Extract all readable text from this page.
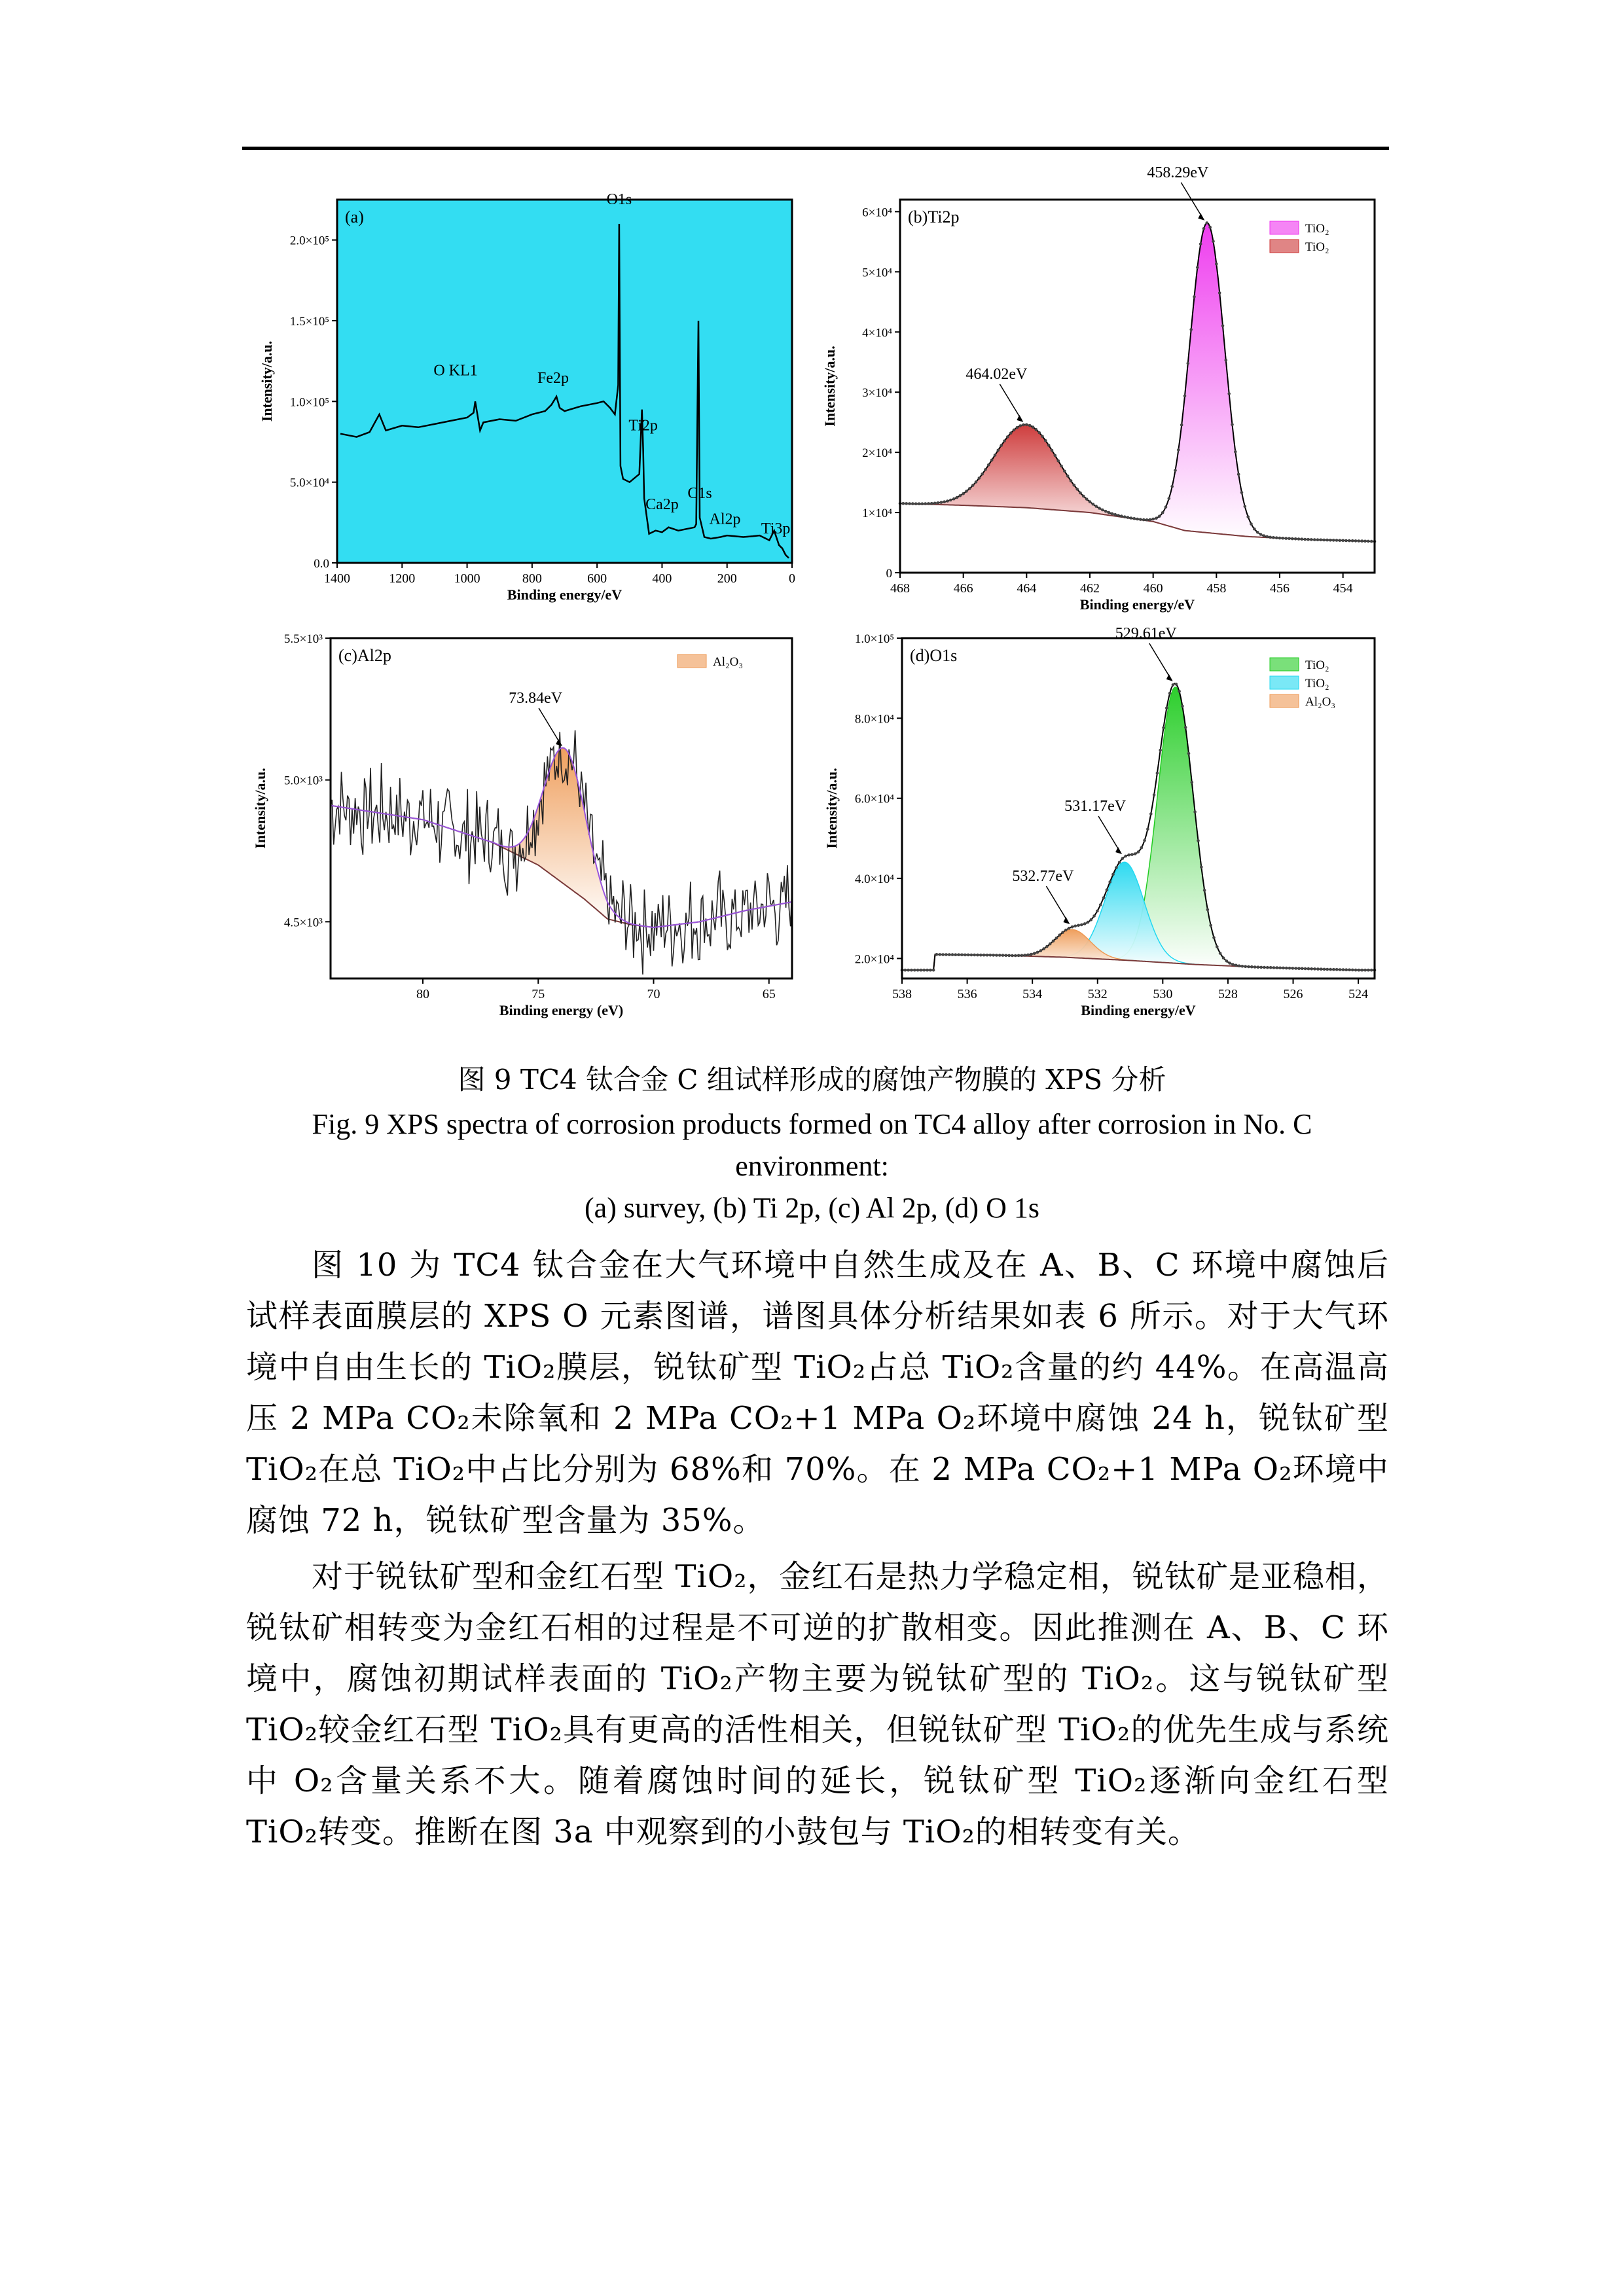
1400	1200	1000	800	600	400	200	0
0.0
5.0×10⁴
1.0×10⁵
1.5×10⁵
2.0×10⁵
Binding energy/eV
Intensity/a.u.
(a)
O1s
O KL1	Fe2p
Ti2p
C1s
Ca2p
Al2p
Ti3p
468	466	464	462	460	458	456	454
0
1×10⁴
2×10⁴
3×10⁴
4×10⁴
5×10⁴
6×10⁴
Binding energy/eV
Intensity/a.u.
(b)Ti2p
458.29eV
464.02eV
TiO₂
TiO₂
80	75	70	65
4.5×10³
5.0×10³
5.5×10³
Binding energy (eV)
Intensity/a.u.
(c)Al2p
73.84eV
Al₂O₃
538	536	534	532	530	528	526	524
2.0×10⁴
4.0×10⁴
6.0×10⁴
8.0×10⁴
1.0×10⁵
Binding energy/eV
Intensity/a.u.
(d)O1s
529.61eV
531.17eV
532.77eV
TiO₂
TiO₂
Al₂O₃
图 9 TC4 钛合金 C 组试样形成的腐蚀产物膜的 XPS 分析
Fig. 9 XPS spectra of corrosion products formed on TC4 alloy after corrosion in No. C
environment:
(a) survey, (b) Ti 2p, (c) Al 2p, (d) O 1s

图 10 为 TC4 钛合金在大气环境中自然生成及在 A、B、C 环境中腐蚀后试样表面膜层的 XPS O 元素图谱，谱图具体分析结果如表 6 所示。对于大气环境中自由生长的 TiO₂膜层，锐钛矿型 TiO₂占总 TiO₂含量的约 44%。在高温高压 2 MPa CO₂未除氧和 2 MPa CO₂+1 MPa O₂环境中腐蚀 24 h，锐钛矿型 TiO₂在总 TiO₂中占比分别为 68%和 70%。在 2 MPa CO₂+1 MPa O₂环境中腐蚀 72 h，锐钛矿型含量为 35%。

对于锐钛矿型和金红石型 TiO₂，金红石是热力学稳定相，锐钛矿是亚稳相，锐钛矿相转变为金红石相的过程是不可逆的扩散相变。因此推测在 A、B、C 环境中，腐蚀初期试样表面的 TiO₂产物主要为锐钛矿型的 TiO₂。这与锐钛矿型 TiO₂较金红石型 TiO₂具有更高的活性相关，但锐钛矿型 TiO₂的优先生成与系统中 O₂含量关系不大。随着腐蚀时间的延长，锐钛矿型 TiO₂逐渐向金红石型 TiO₂转变。推断在图 3a 中观察到的小鼓包与 TiO₂的相转变有关。
